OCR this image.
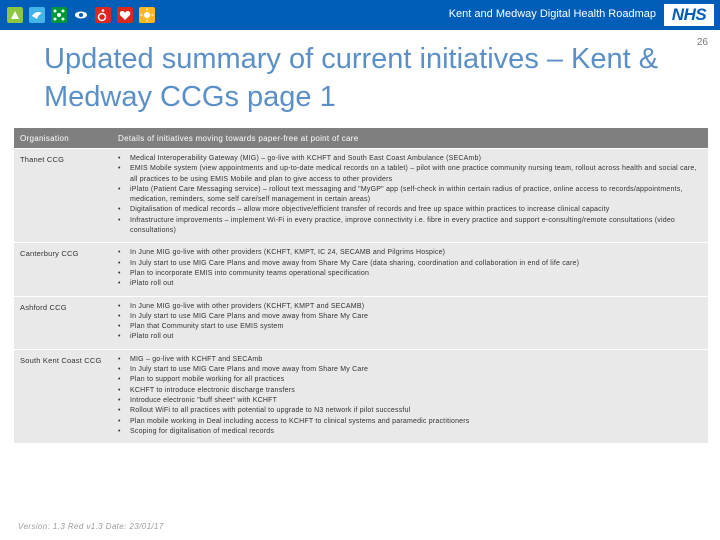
Kent and Medway Digital Health Roadmap NHS
26
Updated summary of current initiatives – Kent & Medway CCGs page 1
Organisation	Details of initiatives moving towards paper-free at point of care
Thanet CCG	• Medical Interoperability Gateway (MIG) – go-live with KCHFT and South East Coast Ambulance (SECAmb)
• EMIS Mobile system (view appointments and up-to-date medical records on a tablet) – pilot with one practice community nursing team, rollout across health and social care, all practices to be using EMIS Mobile and plan to give access to other providers
• iPlato (Patient Care Messaging service) – rollout text messaging and "MyGP" app (self-check in within certain radius of practice, online access to records/appointments, medication, reminders, some self care/self management in certain areas)
• Digitalisation of medical records – allow more objective/efficient transfer of records and free up space within practices to increase clinical capacity
• Infrastructure improvements – implement Wi-Fi in every practice, improve connectivity i.e. fibre in every practice and support e-consulting/remote consultations (video consultations)
Canterbury CCG	• In June MIG go-live with other providers (KCHFT, KMPT, IC 24, SECAMB and Pilgrims Hospice)
• In July start to use MIG Care Plans and move away from Share My Care (data sharing, coordination and collaboration in end of life care)
• Plan to incorporate EMIS into community teams operational specification
• iPlato roll out
Ashford CCG	• In June MIG go-live with other providers (KCHFT, KMPT and SECAMB)
• In July start to use MIG Care Plans and move away from Share My Care
• Plan that Community start to use EMIS system
• iPlato roll out
South Kent Coast CCG	• MIG – go-live with KCHFT and SECAmb
• In July start to use MIG Care Plans and move away from Share My Care
• Plan to support mobile working for all practices
• KCHFT to introduce electronic discharge transfers
• Introduce electronic "buff sheet" with KCHFT
• Rollout WiFi to all practices with potential to upgrade to N3 network if pilot successful
• Plan mobile working in Deal including access to KCHFT to clinical systems and paramedic practitioners
• Scoping for digitalisation of medical records
Version: 1.3 Red v1.3 Date: 23/01/17
